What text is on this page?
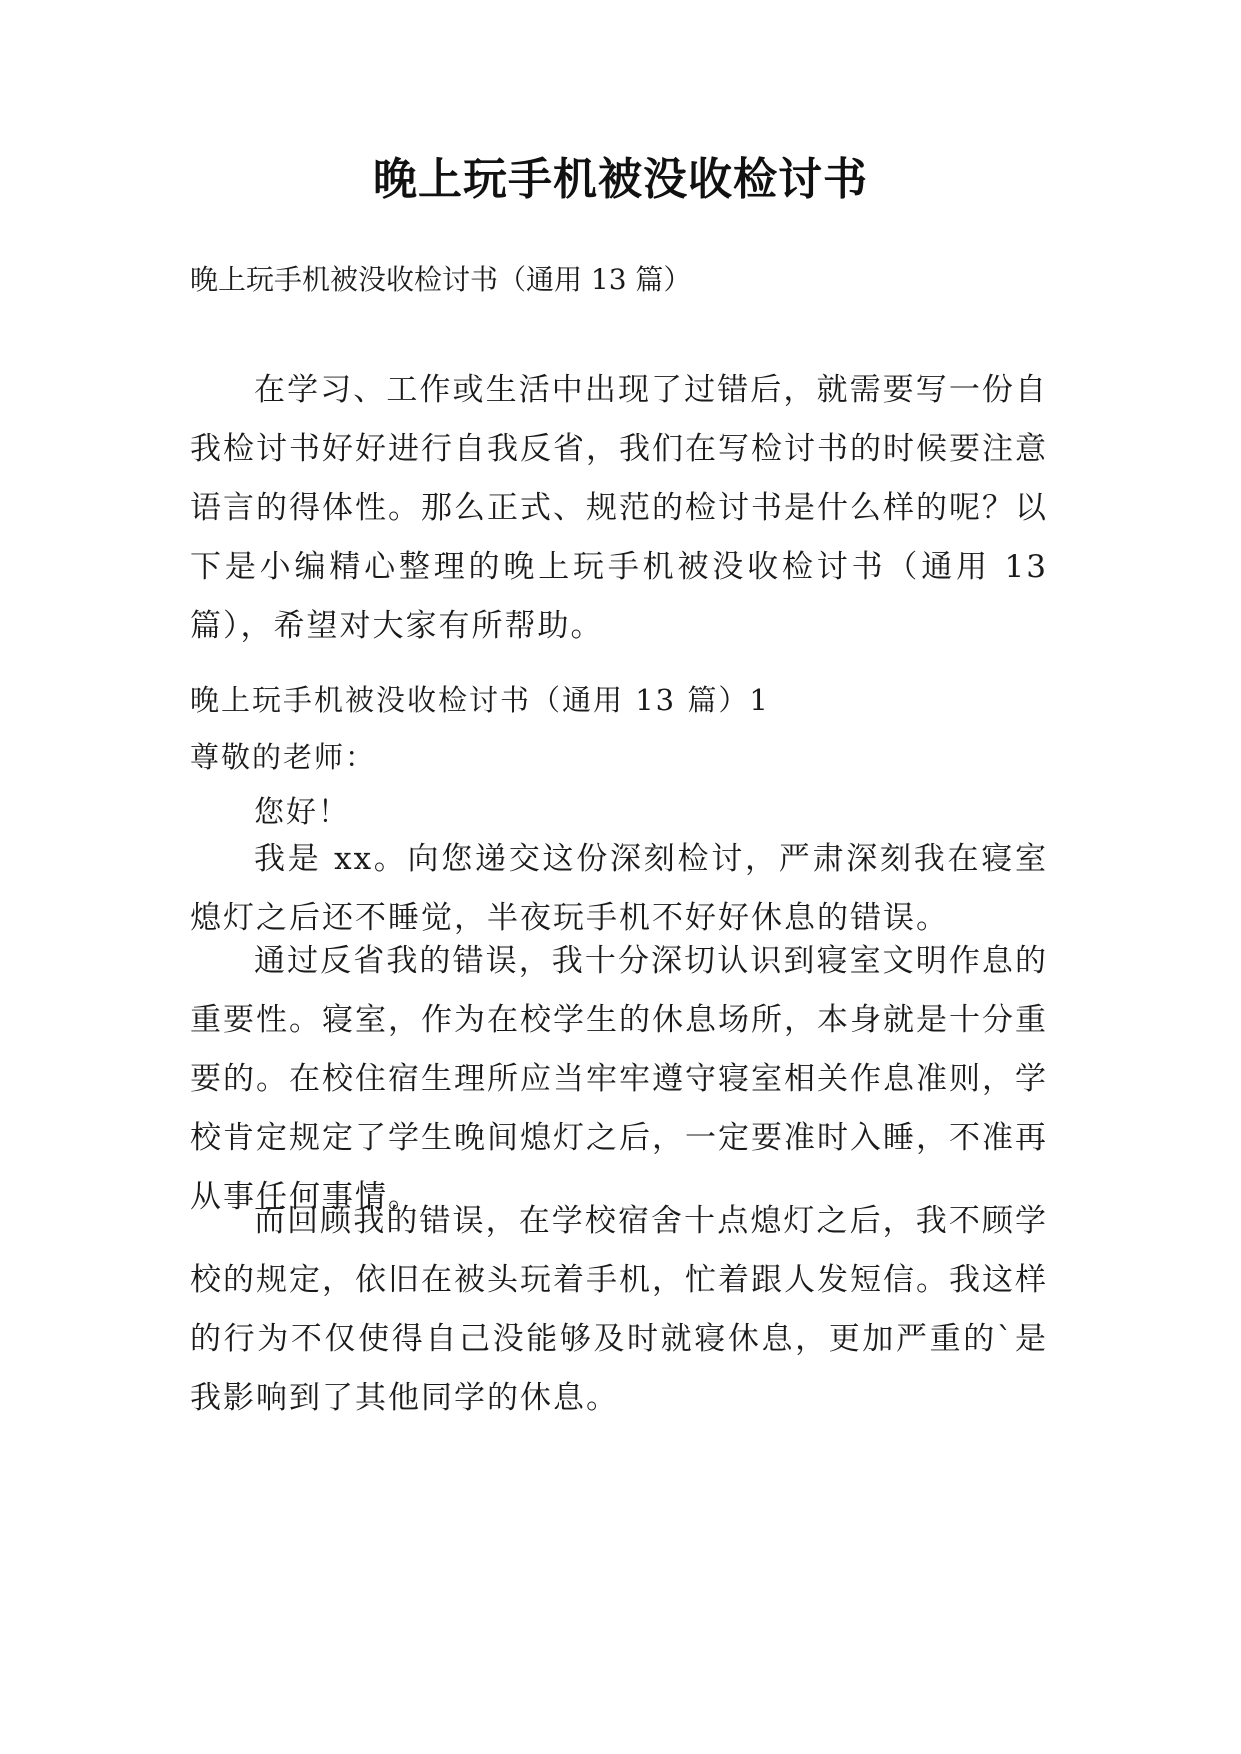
晚上玩手机被没收检讨书
晚上玩手机被没收检讨书（通用 13 篇）

在学习、工作或生活中出现了过错后，就需要写一份自我检讨书好好进行自我反省，我们在写检讨书的时候要注意语言的得体性。那么正式、规范的检讨书是什么样的呢？以下是小编精心整理的晚上玩手机被没收检讨书（通用 13 篇），希望对大家有所帮助。

晚上玩手机被没收检讨书（通用 13 篇）1
尊敬的老师：
您好！

我是 xx。向您递交这份深刻检讨，严肃深刻我在寝室熄灯之后还不睡觉，半夜玩手机不好好休息的错误。

通过反省我的错误，我十分深切认识到寝室文明作息的重要性。寝室，作为在校学生的休息场所，本身就是十分重要的。在校住宿生理所应当牢牢遵守寝室相关作息准则，学校肯定规定了学生晚间熄灯之后，一定要准时入睡，不准再从事任何事情。

而回顾我的错误，在学校宿舍十点熄灯之后，我不顾学校的规定，依旧在被头玩着手机，忙着跟人发短信。我这样的行为不仅使得自己没能够及时就寝休息，更加严重的`是我影响到了其他同学的休息。
